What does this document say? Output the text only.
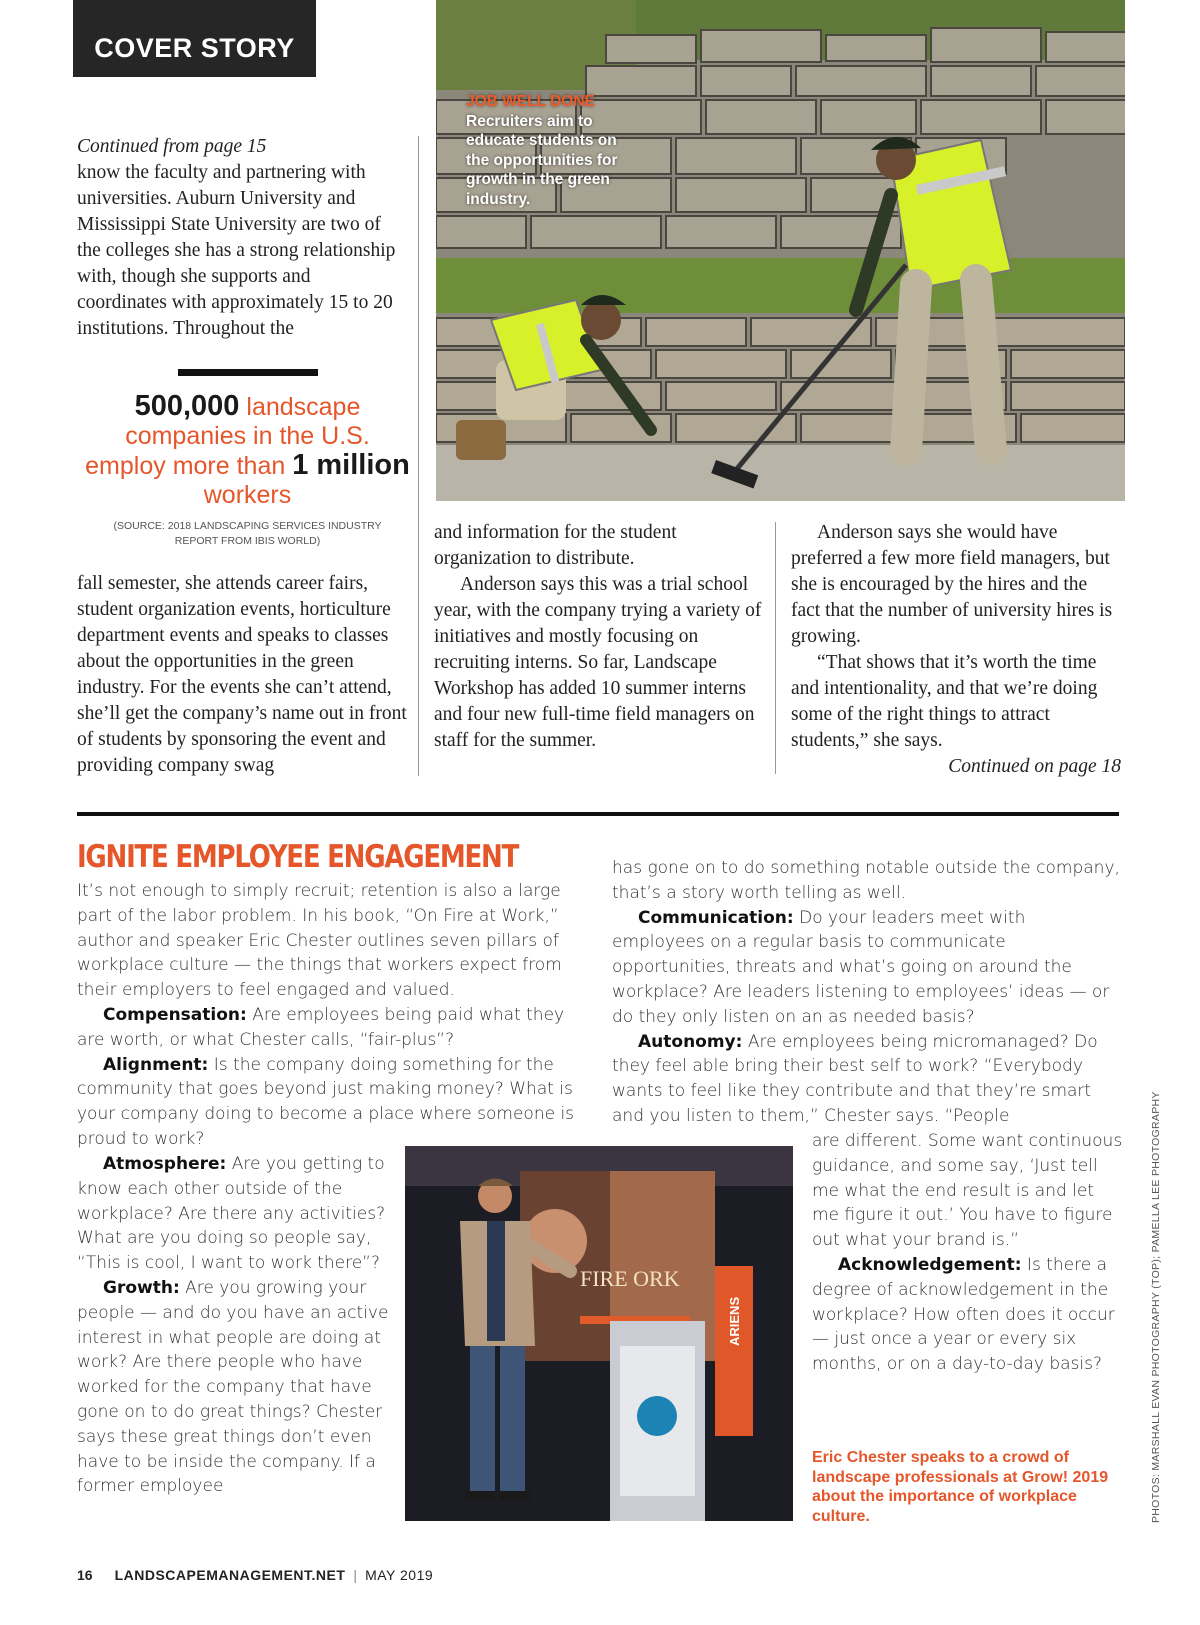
COVER STORY
JOB WELL DONE
Recruiters aim to educate students on the opportunities for growth in the green industry.

Continued from page 15

know the faculty and partnering with universities. Auburn University and Mississippi State University are two of the colleges she has a strong relationship with, though she supports and coordinates with approximately 15 to 20 institutions. Throughout the

500,000 landscape companies in the U.S. employ more than 1 million workers
(SOURCE: 2018 LANDSCAPING SERVICES INDUSTRY REPORT FROM IBIS WORLD)

fall semester, she attends career fairs, student organization events, horticulture department events and speaks to classes about the opportunities in the green industry. For the events she can’t attend, she’ll get the company’s name out in front of students by sponsoring the event and providing company swag

and information for the student organization to distribute.

Anderson says this was a trial school year, with the company trying a variety of initiatives and mostly focusing on recruiting interns. So far, Landscape Workshop has added 10 summer interns and four new full-time field managers on staff for the summer.

Anderson says she would have preferred a few more field managers, but she is encouraged by the hires and the fact that the number of university hires is growing.

“That shows that it’s worth the time and intentionality, and that we’re doing some of the right things to attract students,” she says.

Continued on page 18

IGNITE EMPLOYEE ENGAGEMENT

It’s not enough to simply recruit; retention is also a large part of the labor problem. In his book, “On Fire at Work,” author and speaker Eric Chester outlines seven pillars of workplace culture — the things that workers expect from their employers to feel engaged and valued.

Compensation: Are employees being paid what they are worth, or what Chester calls, “fair-plus”?

Alignment: Is the company doing something for the community that goes beyond just making money? What is your company doing to become a place where someone is proud to work?

Atmosphere: Are you getting to know each other outside of the workplace? Are there any activities? What are you doing so people say, “This is cool, I want to work there”?

Growth: Are you growing your people — and do you have an active interest in what people are doing at work? Are there people who have worked for the company that have gone on to do great things? Chester says these great things don’t even have to be inside the company. If a former employee

has gone on to do something notable outside the company, that’s a story worth telling as well.

Communication: Do your leaders meet with employees on a regular basis to communicate opportunities, threats and what’s going on around the workplace? Are leaders listening to employees’ ideas — or do they only listen on an as needed basis?

Autonomy: Are employees being micromanaged? Do they feel able bring their best self to work? “Everybody wants to feel like they contribute and that they’re smart and you listen to them,” Chester says. “People

are different. Some want continuous guidance, and some say, ‘Just tell me what the end result is and let me figure it out.’ You have to figure out what your brand is.”

Acknowledgement: Is there a degree of acknowledgement in the workplace? How often does it occur — just once a year or every six months, or on a day-to-day basis?

FIRE ORK
ARIENS
Eric Chester speaks to a crowd of landscape professionals at Grow! 2019 about the importance of workplace culture.	PHOTOS: MARSHALL EVAN PHOTOGRAPHY (TOP); PAMELLA LEE PHOTOGRAPHY
16 LANDSCAPEMANAGEMENT.NET | MAY 2019
